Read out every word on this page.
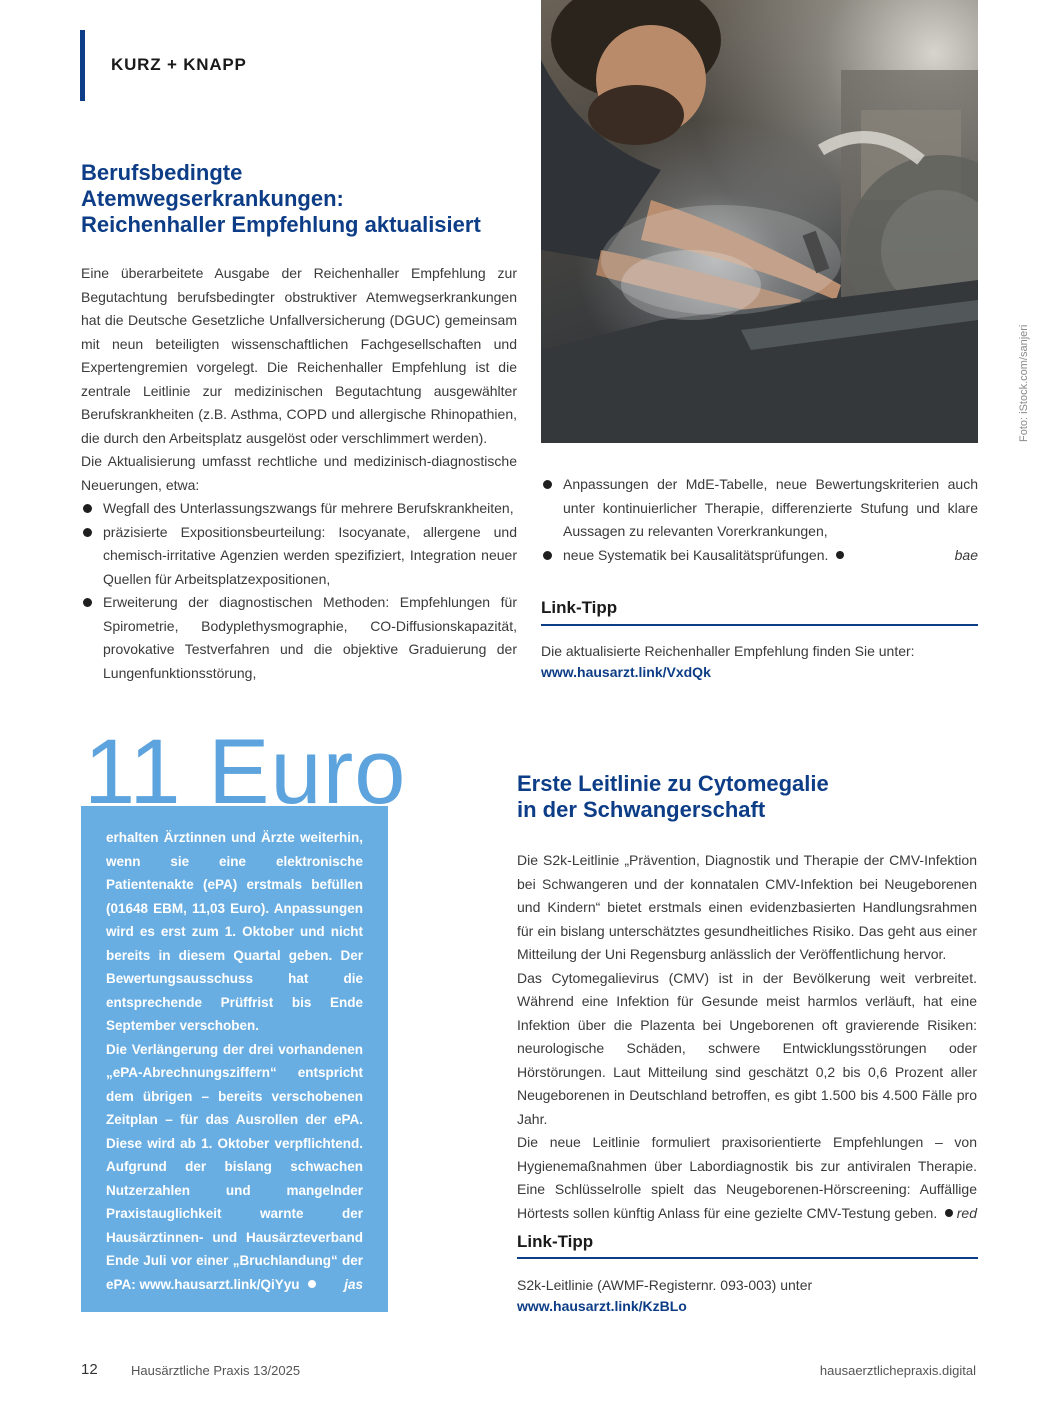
KURZ + KNAPP
Foto: iStock.com/sanjeri
Berufsbedingte
Atemwegserkrankungen:
Reichenhaller Empfehlung aktualisiert

Eine überarbeitete Ausgabe der Reichenhaller Empfehlung zur Begutachtung berufsbedingter obstruktiver Atemwegserkrankungen hat die Deutsche Gesetzliche Unfallversicherung (DGUC) gemeinsam mit neun beteiligten wissenschaftlichen Fachgesellschaften und Expertengremien vorgelegt. Die Reichenhaller Empfehlung ist die zentrale Leitlinie zur medizinischen Begutachtung ausgewählter Berufskrankheiten (z.B. Asthma, COPD und allergische Rhinopathien, die durch den Arbeitsplatz ausgelöst oder verschlimmert werden).

Die Aktualisierung umfasst rechtliche und medizinisch-diagnostische Neuerungen, etwa:

Wegfall des Unterlassungszwangs für mehrere Berufskrankheiten,
präzisierte Expositionsbeurteilung: Isocyanate, allergene und chemisch-irritative Agenzien werden spezifiziert, Integration neuer Quellen für Arbeitsplatzexpositionen,
Erweiterung der diagnostischen Methoden: Empfehlungen für Spirometrie, Bodyplethysmographie, CO-Diffusionskapazität, provokative Testverfahren und die objektive Graduierung der Lungenfunktionsstörung,
Anpassungen der MdE-Tabelle, neue Bewertungskriterien auch unter kontinuierlicher Therapie, differenzierte Stufung und klare Aussagen zu relevanten Vorerkrankungen,
neue Systematik bei Kausalitätsprüfungen.	bae
Link-Tipp
Die aktualisierte Reichenhaller Empfehlung finden Sie unter:
www.hausarzt.link/VxdQk
11 Euro

erhalten Ärztinnen und Ärzte weiterhin, wenn sie eine elektronische Patientenakte (ePA) erstmals befüllen (01648 EBM, 11,03 Euro). Anpassungen wird es erst zum 1. Oktober und nicht bereits in diesem Quartal geben. Der Bewertungsausschuss hat die entsprechende Prüffrist bis Ende September verschoben.

Die Verlängerung der drei vorhandenen „ePA-Abrechnungsziffern“ entspricht dem übrigen – bereits verschobenen Zeitplan – für das Ausrollen der ePA. Diese wird ab 1. Oktober verpflichtend. Aufgrund der bislang schwachen Nutzerzahlen und mangelnder Praxistauglichkeit warnte der Hausärztinnen- und Hausärzteverband Ende Juli vor einer „Bruchlandung“ der ePA: www.hausarzt.link/QiYyu	jas

Erste Leitlinie zu Cytomegalie
in der Schwangerschaft

Die S2k-Leitlinie „Prävention, Diagnostik und Therapie der CMV-Infektion bei Schwangeren und der konnatalen CMV-Infektion bei Neugeborenen und Kindern“ bietet erstmals einen evidenzbasierten Handlungsrahmen für ein bislang unterschätztes gesundheitliches Risiko. Das geht aus einer Mitteilung der Uni Regensburg anlässlich der Veröffentlichung hervor.

Das Cytomegalievirus (CMV) ist in der Bevölkerung weit verbreitet. Während eine Infektion für Gesunde meist harmlos verläuft, hat eine Infektion über die Plazenta bei Ungeborenen oft gravierende Risiken: neurologische Schäden, schwere Entwicklungsstörungen oder Hörstörungen. Laut Mitteilung sind geschätzt 0,2 bis 0,6 Prozent aller Neugeborenen in Deutschland betroffen, es gibt 1.500 bis 4.500 Fälle pro Jahr.

Die neue Leitlinie formuliert praxisorientierte Empfehlungen – von Hygienemaßnahmen über Labordiagnostik bis zur antiviralen Therapie. Eine Schlüsselrolle spielt das Neugeborenen-Hörscreening: Auffällige Hörtests sollen künftig Anlass für eine gezielte CMV-Testung geben. red

Link-Tipp
S2k-Leitlinie (AWMF-Registernr. 093-003) unter
www.hausarzt.link/KzBLo
12	Hausärztliche Praxis 13/2025	hausaerztlichepraxis.digital
